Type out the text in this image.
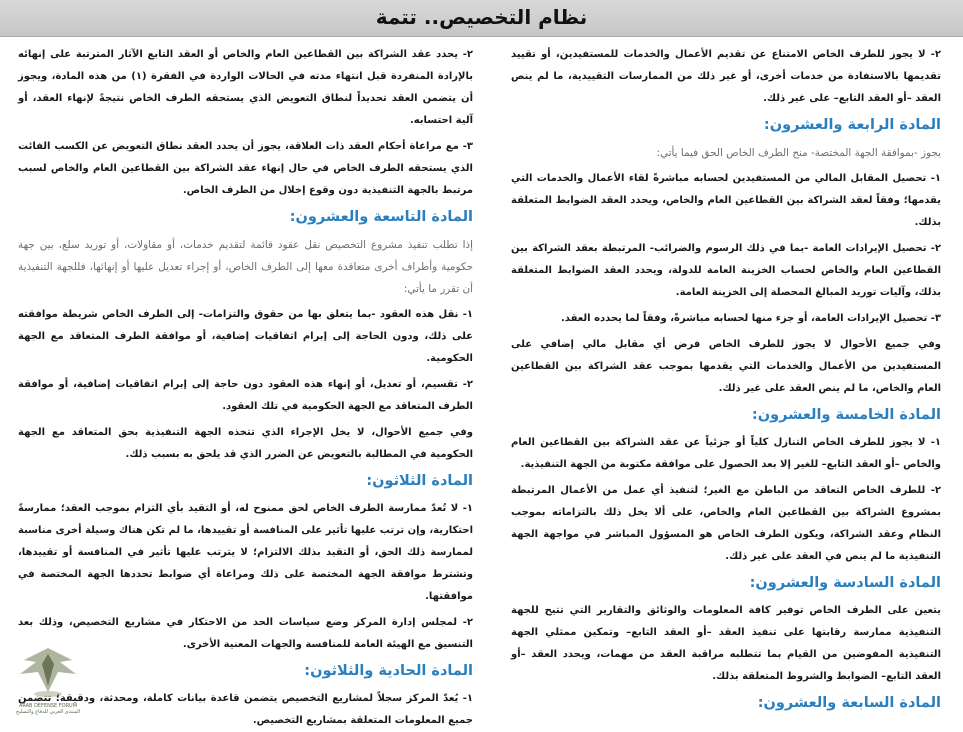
نظام التخصيص.. تتمة

٢- لا يجوز للطرف الخاص الامتناع عن تقديم الأعمال والخدمات للمستفيدين، أو تقييد تقديمها بالاستفادة من خدمات أخرى، أو غير ذلك من الممارسات التقييدية، ما لم ينص العقد –أو العقد التابع– على غير ذلك.

المادة الرابعة والعشرون:

يجوز -بموافقة الجهة المختصة- منح الطرف الخاص الحق فيما يأتي:

١- تحصيل المقابل المالي من المستفيدين لحسابه مباشرةً لقاء الأعمال والخدمات التي يقدمها؛ وفقاً لعقد الشراكة بين القطاعين العام والخاص، ويحدد العقد الضوابط المتعلقة بذلك.

٢- تحصيل الإيرادات العامة -بما في ذلك الرسوم والضرائب- المرتبطة بعقد الشراكة بين القطاعين العام والخاص لحساب الخزينة العامة للدولة، ويحدد العقد الضوابط المتعلقة بذلك، وآليات توريد المبالغ المحصلة إلى الخزينة العامة.

٣- تحصيل الإيرادات العامة، أو جزء منها لحسابه مباشرةً، وفقاً لما يحدده العقد.

وفي جميع الأحوال لا يجوز للطرف الخاص فرض أي مقابل مالي إضافي على المستفيدين من الأعمال والخدمات التي يقدمها بموجب عقد الشراكة بين القطاعين العام والخاص، ما لم ينص العقد على غير ذلك.

المادة الخامسة والعشرون:

١- لا يجوز للطرف الخاص التنازل كلياً أو جزئياً عن عقد الشراكة بين القطاعين العام والخاص –أو العقد التابع– للغير إلا بعد الحصول على موافقة مكتوبة من الجهة التنفيذية.

٢- للطرف الخاص التعاقد من الباطن مع الغير؛ لتنفيذ أي عمل من الأعمال المرتبطة بمشروع الشراكة بين القطاعين العام والخاص، على ألا يخل ذلك بالتزاماته بموجب النظام وعقد الشراكة، ويكون الطرف الخاص هو المسؤول المباشر في مواجهة الجهة التنفيذية ما لم ينص في العقد على غير ذلك.

المادة السادسة والعشرون:

يتعين على الطرف الخاص توفير كافة المعلومات والوثائق والتقارير التي تتيح للجهة التنفيذية ممارسة رقابتها على تنفيذ العقد –أو العقد التابع– وتمكين ممثلي الجهة التنفيذية المفوضين من القيام بما تتطلبه مراقبة العقد من مهمات، ويحدد العقد –أو العقد التابع– الضوابط والشروط المتعلقة بذلك.

المادة السابعة والعشرون:

٢- يحدد عقد الشراكة بين القطاعين العام والخاص أو العقد التابع الآثار المترتبة على إنهائه بالإرادة المنفردة قبل انتهاء مدته في الحالات الواردة في الفقرة (١) من هذه المادة، ويجوز أن يتضمن العقد تحديداً لنطاق التعويض الذي يستحقه الطرف الخاص نتيجةً لإنهاء العقد، أو آلية احتسابه.

٣- مع مراعاة أحكام العقد ذات العلاقة، يجوز أن يحدد العقد نطاق التعويض عن الكسب الفائت الذي يستحقه الطرف الخاص في حال إنهاء عقد الشراكة بين القطاعين العام والخاص لسبب مرتبط بالجهة التنفيذية دون وقوع إخلال من الطرف الخاص.

المادة التاسعة والعشرون:

إذا تطلب تنفيذ مشروع التخصيص نقل عقود قائمة لتقديم خدمات، أو مقاولات، أو توريد سلع، بين جهة حكومية وأطراف أخرى متعاقدة معها إلى الطرف الخاص، أو إجراء تعديل عليها أو إنهائها، فللجهة التنفيذية أن تقرر ما يأتي:

١- نقل هذه العقود -بما يتعلق بها من حقوق والتزامات- إلى الطرف الخاص شريطة موافقته على ذلك، ودون الحاجة إلى إبرام اتفاقيات إضافية، أو موافقة الطرف المتعاقد مع الجهة الحكومية.

٢- تقسيم، أو تعديل، أو إنهاء هذه العقود دون حاجة إلى إبرام اتفاقيات إضافية، أو موافقة الطرف المتعاقد مع الجهة الحكومية في تلك العقود.

وفي جميع الأحوال، لا يخل الإجراء الذي تتخذه الجهة التنفيذية بحق المتعاقد مع الجهة الحكومية في المطالبة بالتعويض عن الضرر الذي قد يلحق به بسبب ذلك.

المادة الثلاثون:

١- لا تُعدّ ممارسة الطرف الخاص لحق ممنوح له، أو التقيد بأي التزام بموجب العقد؛ ممارسةً احتكارية، وإن ترتب عليها تأثير على المنافسة أو تقييدها، ما لم تكن هناك وسيلة أخرى مناسبة لممارسة ذلك الحق، أو التقيد بذلك الالتزام؛ لا يترتب عليها تأثير في المنافسة أو تقييدها، وتشترط موافقة الجهة المختصة على ذلك ومراعاة أي ضوابط تحددها الجهة المختصة في موافقتها.

٢- لمجلس إدارة المركز وضع سياسات الحد من الاحتكار في مشاريع التخصيص، وذلك بعد التنسيق مع الهيئة العامة للمنافسة والجهات المعنية الأخرى.

المادة الحادية والثلاثون:

١- يُعدّ المركز سجلاً لمشاريع التخصيص يتضمن قاعدة بيانات كاملة، ومحدثة، ودقيقة؛ تتضمن جميع المعلومات المتعلقة بمشاريع التخصيص.

ARAB DEFENSE FORUM
المنتدى العربي للدفاع والتسليح
